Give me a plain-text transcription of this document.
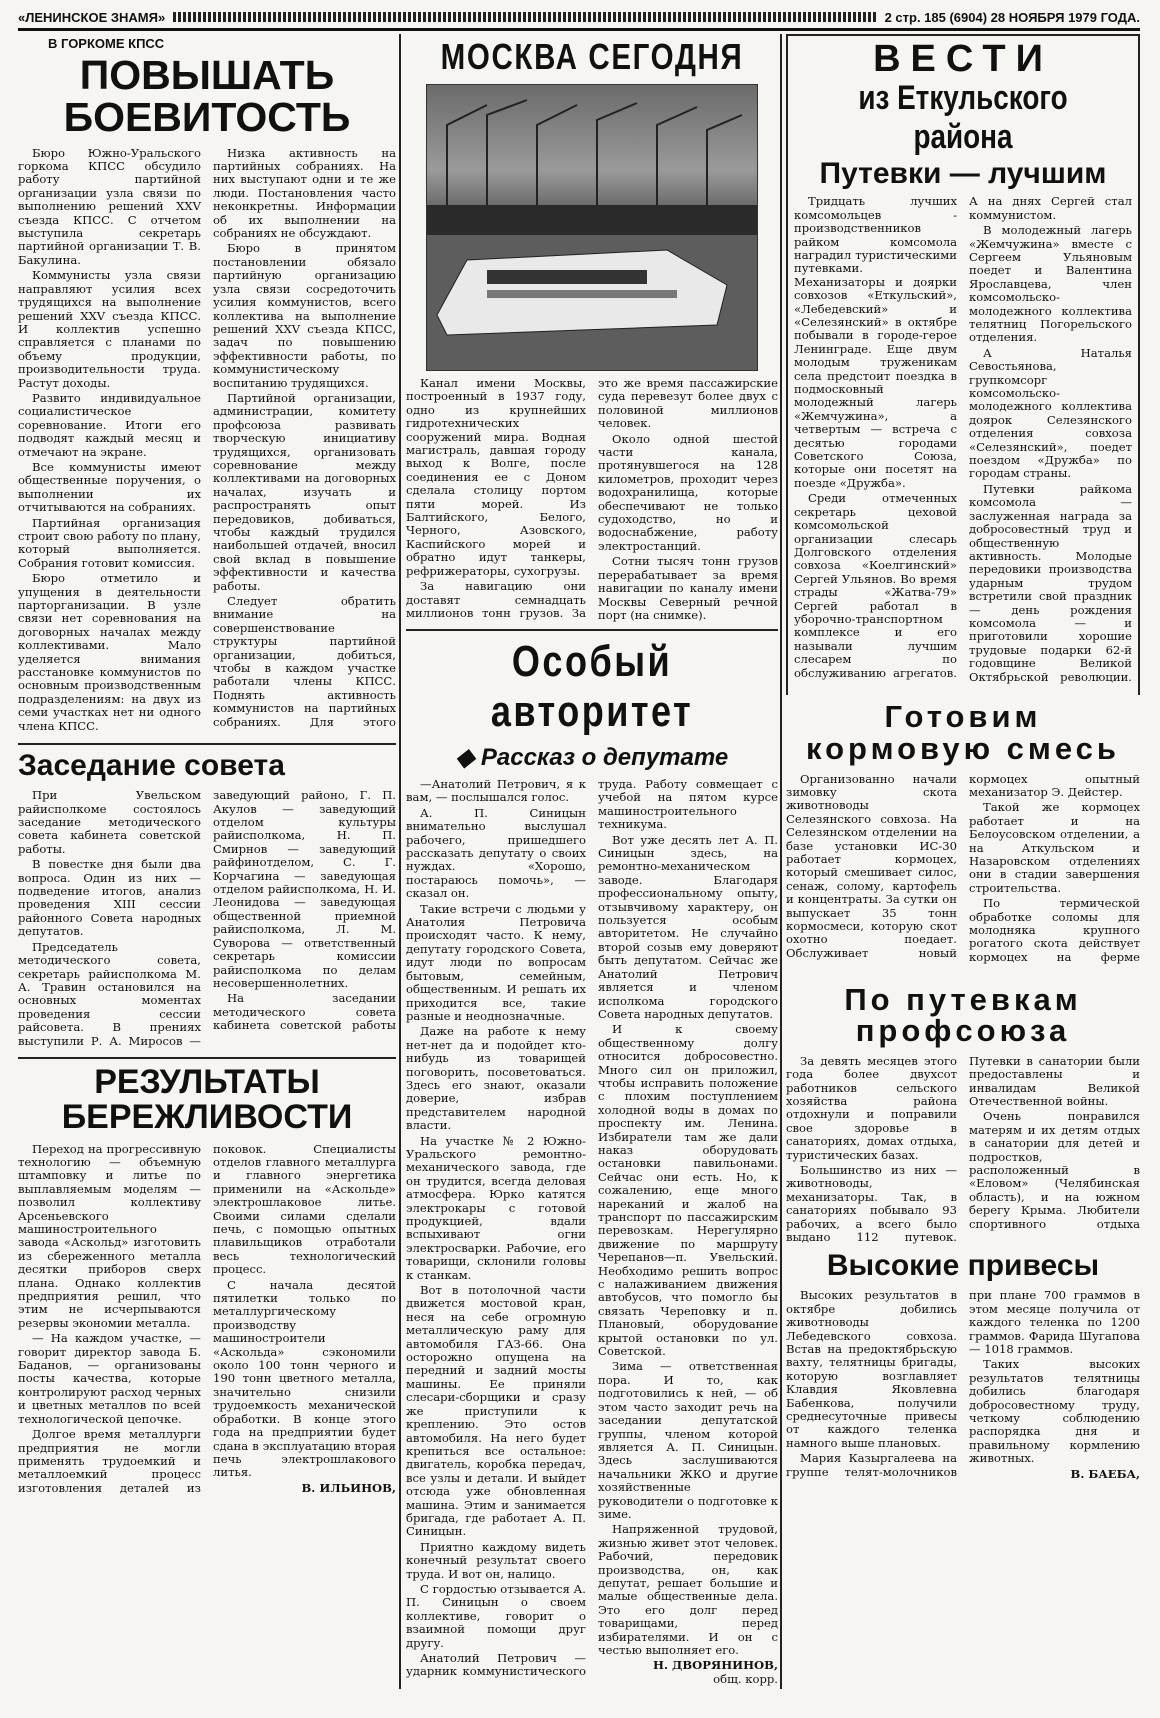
«ЛЕНИНСКОЕ ЗНАМЯ»	2 стр. 185 (6904) 28 НОЯБРЯ 1979 ГОДА.
В ГОРКОМЕ КПСС
ПОВЫШАТЬ
БОЕВИТОСТЬ

Бюро Южно-Уральского горкома КПСС обсудило работу партийной организации узла связи по выполнению решений XXV съезда КПСС. С отчетом выступила секретарь партийной организации Т. В. Бакулина.

Коммунисты узла связи направляют усилия всех трудящихся на выполнение решений XXV съезда КПСС. И коллектив успешно справляется с планами по объему продукции, производительности труда. Растут доходы.

Развито индивидуальное социалистическое соревнование. Итоги его подводят каждый месяц и отмечают на экране.

Все коммунисты имеют общественные поручения, о выполнении их отчитываются на собраниях.

Партийная организация строит свою работу по плану, который выполняется. Собрания готовит комиссия.

Бюро отметило и упущения в деятельности парторганизации. В узле связи нет соревнования на договорных началах между коллективами. Мало уделяется внимания расстановке коммунистов по основным производственным подразделениям: на двух из семи участках нет ни одного члена КПСС.

Низка активность на партийных собраниях. На них выступают одни и те же люди. Постановления часто неконкретны. Информации об их выполнении на собраниях не обсуждают.

Бюро в принятом постановлении обязало партийную организацию узла связи сосредоточить усилия коммунистов, всего коллектива на выполнение решений XXV съезда КПСС, задач по повышению эффективности работы, по коммунистическому воспитанию трудящихся.

Партийной организации, администрации, комитету профсоюза развивать творческую инициативу трудящихся, организовать соревнование между коллективами на договорных началах, изучать и распространять опыт передовиков, добиваться, чтобы каждый трудился наибольшей отдачей, вносил свой вклад в повышение эффективности и качества работы.

Следует обратить внимание на совершенствование структуры партийной организации, добиться, чтобы в каждом участке работали члены КПСС. Поднять активность коммунистов на партийных собраниях. Для этого

Заседание совета

При Увельском райисполкоме состоялось заседание методического совета кабинета советской работы.

В повестке дня были два вопроса. Один из них — подведение итогов, анализ проведения XIII сессии районного Совета народных депутатов.

Председатель методического совета, секретарь райисполкома М. А. Травин остановился на основных моментах проведения сессии райсовета. В прениях выступили Р. А. Миросов — заведующий районо, Г. П. Акулов — заведующий отделом культуры райисполкома, Н. П. Смирнов — заведующий райфинотделом, С. Г. Корчагина — заведующая отделом райисполкома, Н. И. Леонидова — заведующая общественной приемной райисполкома, Л. М. Суворова — ответственный секретарь комиссии райисполкома по делам несовершеннолетних.

На заседании методического совета кабинета советской работы

РЕЗУЛЬТАТЫ
БЕРЕЖЛИВОСТИ

Переход на прогрессивную технологию — объемную штамповку и литье по выплавляемым моделям — позволил коллективу Арсеньевского машиностроительного завода «Аскольд» изготовить из сбереженного металла десятки приборов сверх плана. Однако коллектив предприятия решил, что этим не исчерпываются резервы экономии металла.

— На каждом участке, — говорит директор завода Б. Баданов, — организованы посты качества, которые контролируют расход черных и цветных металлов по всей технологической цепочке.

Долгое время металлурги предприятия не могли применять трудоемкий и металлоемкий процесс изготовления деталей из поковок. Специалисты отделов главного металлурга и главного энергетика применили на «Аскольде» электрошлаковое литье. Своими силами сделали печь, с помощью опытных плавильщиков отработали весь технологический процесс.

С начала десятой пятилетки только по металлургическому производству машиностроители «Аскольда» сэкономили около 100 тонн черного и 190 тонн цветного металла, значительно снизили трудоемкость механической обработки. В конце этого года на предприятии будет сдана в эксплуатацию вторая печь электрошлакового литья.

В. ИЛЬИНОВ,
МОСКВА СЕГОДНЯ

Канал имени Москвы, построенный в 1937 году, одно из крупнейших гидротехнических сооружений мира. Водная магистраль, давшая городу выход к Волге, после соединения ее с Доном сделала столицу портом пяти морей. Из Балтийского, Белого, Черного, Азовского, Каспийского морей и обратно идут танкеры, рефрижераторы, сухогрузы.

За навигацию они доставят семнадцать миллионов тонн грузов. За это же время пассажирские суда перевезут более двух с половиной миллионов человек.

Около одной шестой части канала, протянувшегося на 128 километров, проходит через водохранилища, которые обеспечивают не только судоходство, но и водоснабжение, работу электростанций.

Сотни тысяч тонн грузов перерабатывает за время навигации по каналу имени Москвы Северный речной порт (на снимке).

Особый авторитет
◆ Рассказ о депутате

—Анатолий Петрович, я к вам, — послышался голос.

А. П. Синицын внимательно выслушал рабочего, пришедшего рассказать депутату о своих нуждах. «Хорошо, постараюсь помочь», — сказал он.

Такие встречи с людьми у Анатолия Петровича происходят часто. К нему, депутату городского Совета, идут люди по вопросам бытовым, семейным, общественным. И решать их приходится все, такие разные и неоднозначные.

Даже на работе к нему нет-нет да и подойдет кто-нибудь из товарищей поговорить, посоветоваться. Здесь его знают, оказали доверие, избрав представителем народной власти.

На участке № 2 Южно-Уральского ремонтно-механического завода, где он трудится, всегда деловая атмосфера. Юрко катятся электрокары с готовой продукцией, вдали вспыхивают огни электросварки. Рабочие, его товарищи, склонили головы к станкам.

Вот в потолочной части движется мостовой кран, неся на себе огромную металлическую раму для автомобиля ГАЗ-66. Она осторожно опущена на передний и задний мосты машины. Ее приняли слесари-сборщики и сразу же приступили к креплению. Это остов автомобиля. На него будет крепиться все остальное: двигатель, коробка передач, все узлы и детали. И выйдет отсюда уже обновленная машина. Этим и занимается бригада, где работает А. П. Синицын.

Приятно каждому видеть конечный результат своего труда. И вот он, налицо.

С гордостью отзывается А. П. Синицын о своем коллективе, говорит о взаимной помощи друг другу.

Анатолий Петрович — ударник коммунистического труда. Работу совмещает с учебой на пятом курсе машиностроительного техникума.

Вот уже десять лет А. П. Синицын здесь, на ремонтно-механическом заводе. Благодаря профессиональному опыту, отзывчивому характеру, он пользуется особым авторитетом. Не случайно второй созыв ему доверяют быть депутатом. Сейчас же Анатолий Петрович является и членом исполкома городского Совета народных депутатов.

И к своему общественному долгу относится добросовестно. Много сил он приложил, чтобы исправить положение с плохим поступлением холодной воды в домах по проспекту им. Ленина. Избиратели там же дали наказ оборудовать остановки павильонами. Сейчас они есть. Но, к сожалению, еще много нареканий и жалоб на транспорт по пассажирским перевозкам. Нерегулярно движение по маршруту Черепанов—п. Увельский. Необходимо решить вопрос с налаживанием движения автобусов, что помогло бы связать Череповку и п. Плановый, оборудование крытой остановки по ул. Советской.

Зима — ответственная пора. И то, как подготовились к ней, — об этом часто заходит речь на заседании депутатской группы, членом которой является А. П. Синицын. Здесь заслушиваются начальники ЖКО и другие хозяйственные руководители о подготовке к зиме.

Напряженной трудовой, жизнью живет этот человек. Рабочий, передовик производства, он, как депутат, решает большие и малые общественные дела. Это его долг перед товарищами, перед избирателями. И он с честью выполняет его.

Н. ДВОРЯНИНОВ,
общ. корр.
ВЕСТИ
из Еткульского района
Путевки — лучшим

Тридцать лучших комсомольцев - производственников райком комсомола наградил туристическими путевками. Механизаторы и доярки совхозов «Еткульский», «Лебедевский» и «Селезянский» в октябре побывали в городе-герое Ленинграде. Еще двум молодым труженикам села предстоит поездка в подмосковный молодежный лагерь «Жемчужина», а четвертым — встреча с десятью городами Советского Союза, которые они посетят на поезде «Дружба».

Среди отмеченных секретарь цеховой комсомольской организации слесарь Долговского отделения совхоза «Коелгинский» Сергей Ульянов. Во время страды «Жатва-79» Сергей работал в уборочно-транспортном комплексе и его называли лучшим слесарем по обслуживанию агрегатов. А на днях Сергей стал коммунистом.

В молодежный лагерь «Жемчужина» вместе с Сергеем Ульяновым поедет и Валентина Ярославцева, член комсомольско-молодежного коллектива телятниц Погорельского отделения.

А Наталья Севостьянова, групкомсорг комсомольско-молодежного коллектива доярок Селезянского отделения совхоза «Селезянский», поедет поездом «Дружба» по городам страны.

Путевки райкома комсомола — заслуженная награда за добросовестный труд и общественную активность. Молодые передовики производства ударным трудом встретили свой праздник — день рождения комсомола — и приготовили хорошие трудовые подарки 62-й годовщине Великой Октябрьской революции.

Готовим
кормовую смесь

Организованно начали зимовку скота животноводы Селезянского совхоза. На Селезянском отделении на базе установки ИС-30 работает кормоцех, который смешивает силос, сенаж, солому, картофель и концентраты. За сутки он выпускает 35 тонн кормосмеси, которую скот охотно поедает. Обслуживает новый кормоцех опытный механизатор Э. Дейстер.

Такой же кормоцех работает и на Белоусовском отделении, а на Аткульском и Назаровском отделениях они в стадии завершения строительства.

По термической обработке соломы для молодняка крупного рогатого скота действует кормоцех на ферме

По путевкам
профсоюза

За девять месяцев этого года более двухсот работников сельского хозяйства района отдохнули и поправили свое здоровье в санаториях, домах отдыха, туристических базах.

Большинство из них — животноводы, механизаторы. Так, в санаториях побывало 93 рабочих, а всего было выдано 112 путевок. Путевки в санатории были предоставлены и инвалидам Великой Отечественной войны.

Очень понравился матерям и их детям отдых в санатории для детей и подростков, расположенный в «Еловом» (Челябинская область), и на южном берегу Крыма. Любители спортивного отдыха

Высокие привесы

Высоких результатов в октябре добились животноводы Лебедевского совхоза. Встав на предоктябрьскую вахту, телятницы бригады, которую возглавляет Клавдия Яковлевна Бабенкова, получили среднесуточные привесы от каждого теленка намного выше плановых.

Мария Казыргалеева на группе телят-молочников при плане 700 граммов в этом месяце получила от каждого теленка по 1200 граммов. Фарида Шугапова — 1018 граммов.

Таких высоких результатов телятницы добились благодаря добросовестному труду, четкому соблюдению распорядка дня и правильному кормлению животных.

В. БАЕБА,
